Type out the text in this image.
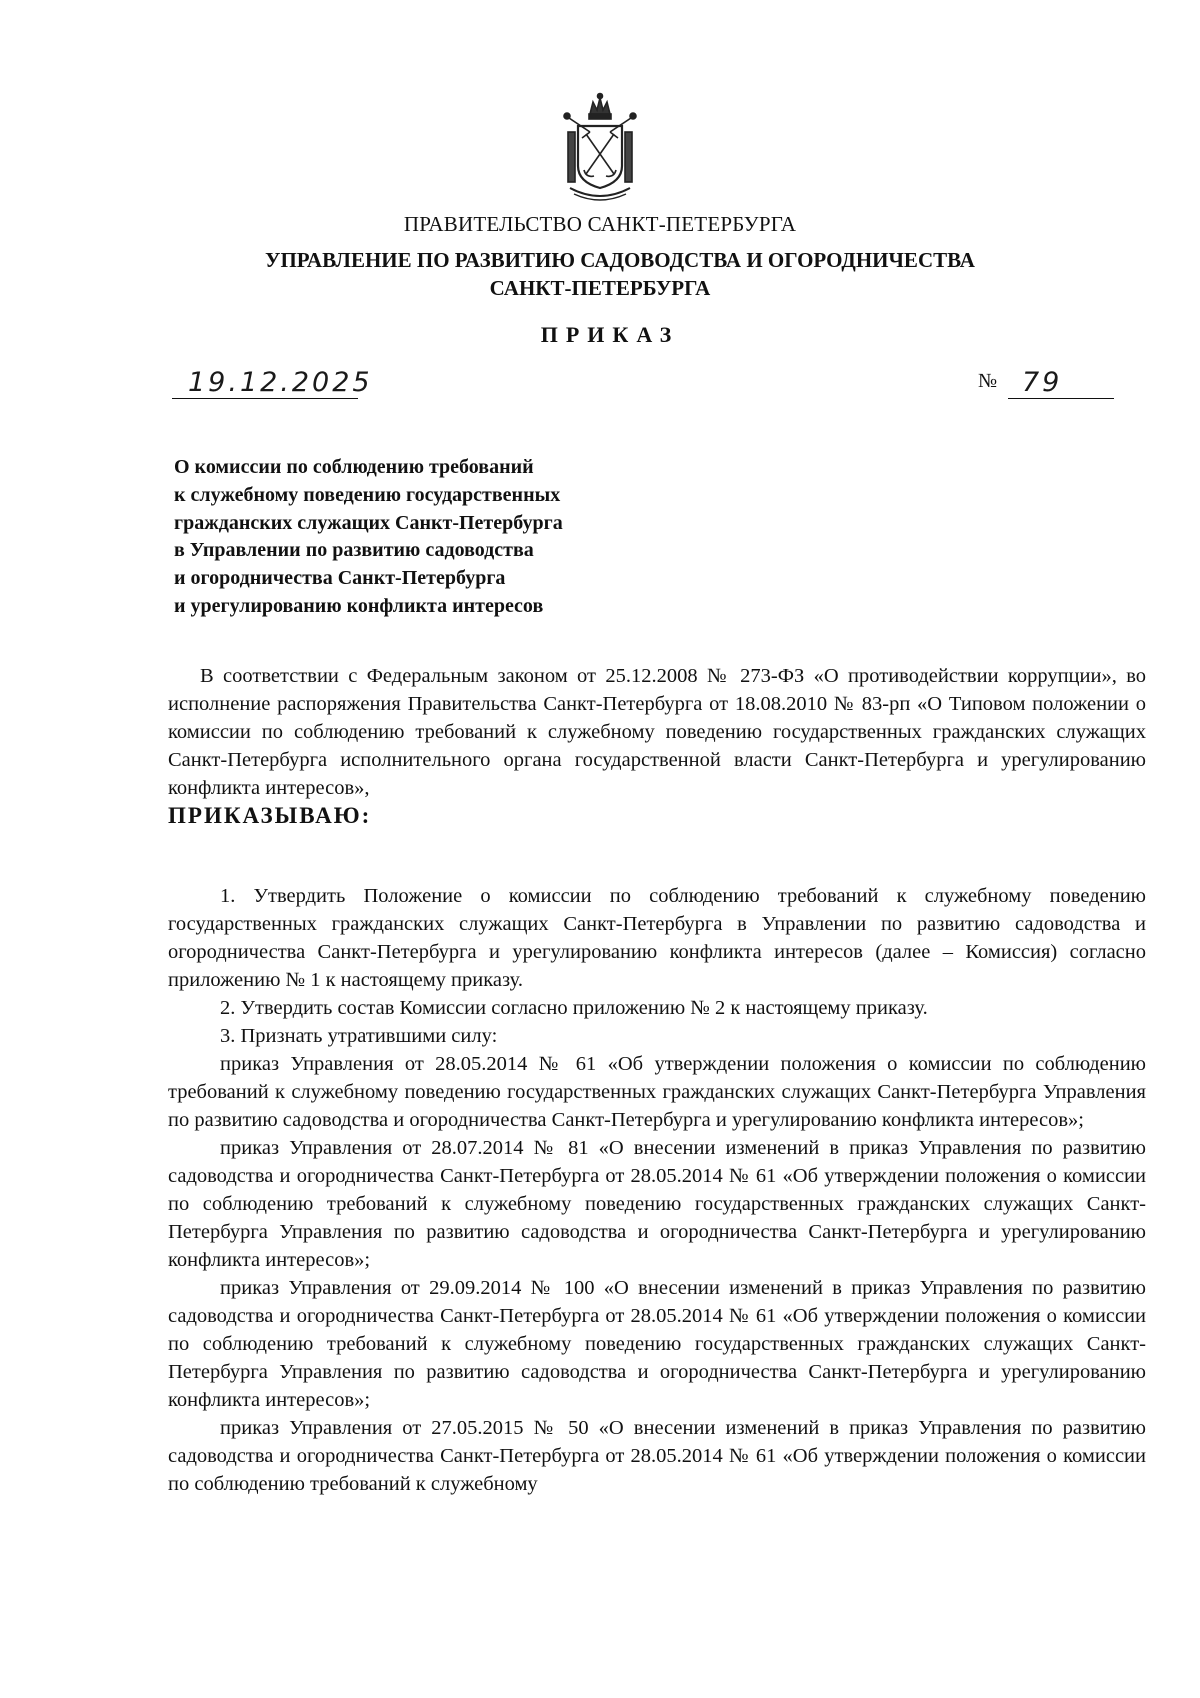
ПРАВИТЕЛЬСТВО САНКТ-ПЕТЕРБУРГА
УПРАВЛЕНИЕ ПО РАЗВИТИЮ САДОВОДСТВА И ОГОРОДНИЧЕСТВА
САНКТ-ПЕТЕРБУРГА
ПРИКАЗ
19.12.2025	№ 79
О комиссии по соблюдению требований
к служебному поведению государственных
гражданских служащих Санкт-Петербурга
в Управлении по развитию садоводства
и огородничества Санкт-Петербурга
и урегулированию конфликта интересов

В соответствии с Федеральным законом от 25.12.2008 № 273-ФЗ «О противодействии коррупции», во исполнение распоряжения Правительства Санкт-Петербурга от 18.08.2010 № 83-рп «О Типовом положении о комиссии по соблюдению требований к служебному поведению государственных гражданских служащих Санкт-Петербурга исполнительного органа государственной власти Санкт-Петербурга и урегулированию конфликта интересов»,

ПРИКАЗЫВАЮ:

1. Утвердить Положение о комиссии по соблюдению требований к служебному поведению государственных гражданских служащих Санкт-Петербурга в Управлении по развитию садоводства и огородничества Санкт-Петербурга и урегулированию конфликта интересов (далее – Комиссия) согласно приложению № 1 к настоящему приказу.

2. Утвердить состав Комиссии согласно приложению № 2 к настоящему приказу.

3. Признать утратившими силу:

приказ Управления от 28.05.2014 № 61 «Об утверждении положения о комиссии по соблюдению требований к служебному поведению государственных гражданских служащих Санкт-Петербурга Управления по развитию садоводства и огородничества Санкт-Петербурга и урегулированию конфликта интересов»;

приказ Управления от 28.07.2014 № 81 «О внесении изменений в приказ Управления по развитию садоводства и огородничества Санкт-Петербурга от 28.05.2014 № 61 «Об утверждении положения о комиссии по соблюдению требований к служебному поведению государственных гражданских служащих Санкт-Петербурга Управления по развитию садоводства и огородничества Санкт-Петербурга и урегулированию конфликта интересов»;

приказ Управления от 29.09.2014 № 100 «О внесении изменений в приказ Управления по развитию садоводства и огородничества Санкт-Петербурга от 28.05.2014 № 61 «Об утверждении положения о комиссии по соблюдению требований к служебному поведению государственных гражданских служащих Санкт-Петербурга Управления по развитию садоводства и огородничества Санкт-Петербурга и урегулированию конфликта интересов»;

приказ Управления от 27.05.2015 № 50 «О внесении изменений в приказ Управления по развитию садоводства и огородничества Санкт-Петербурга от 28.05.2014 № 61 «Об утверждении положения о комиссии по соблюдению требований к служебному
